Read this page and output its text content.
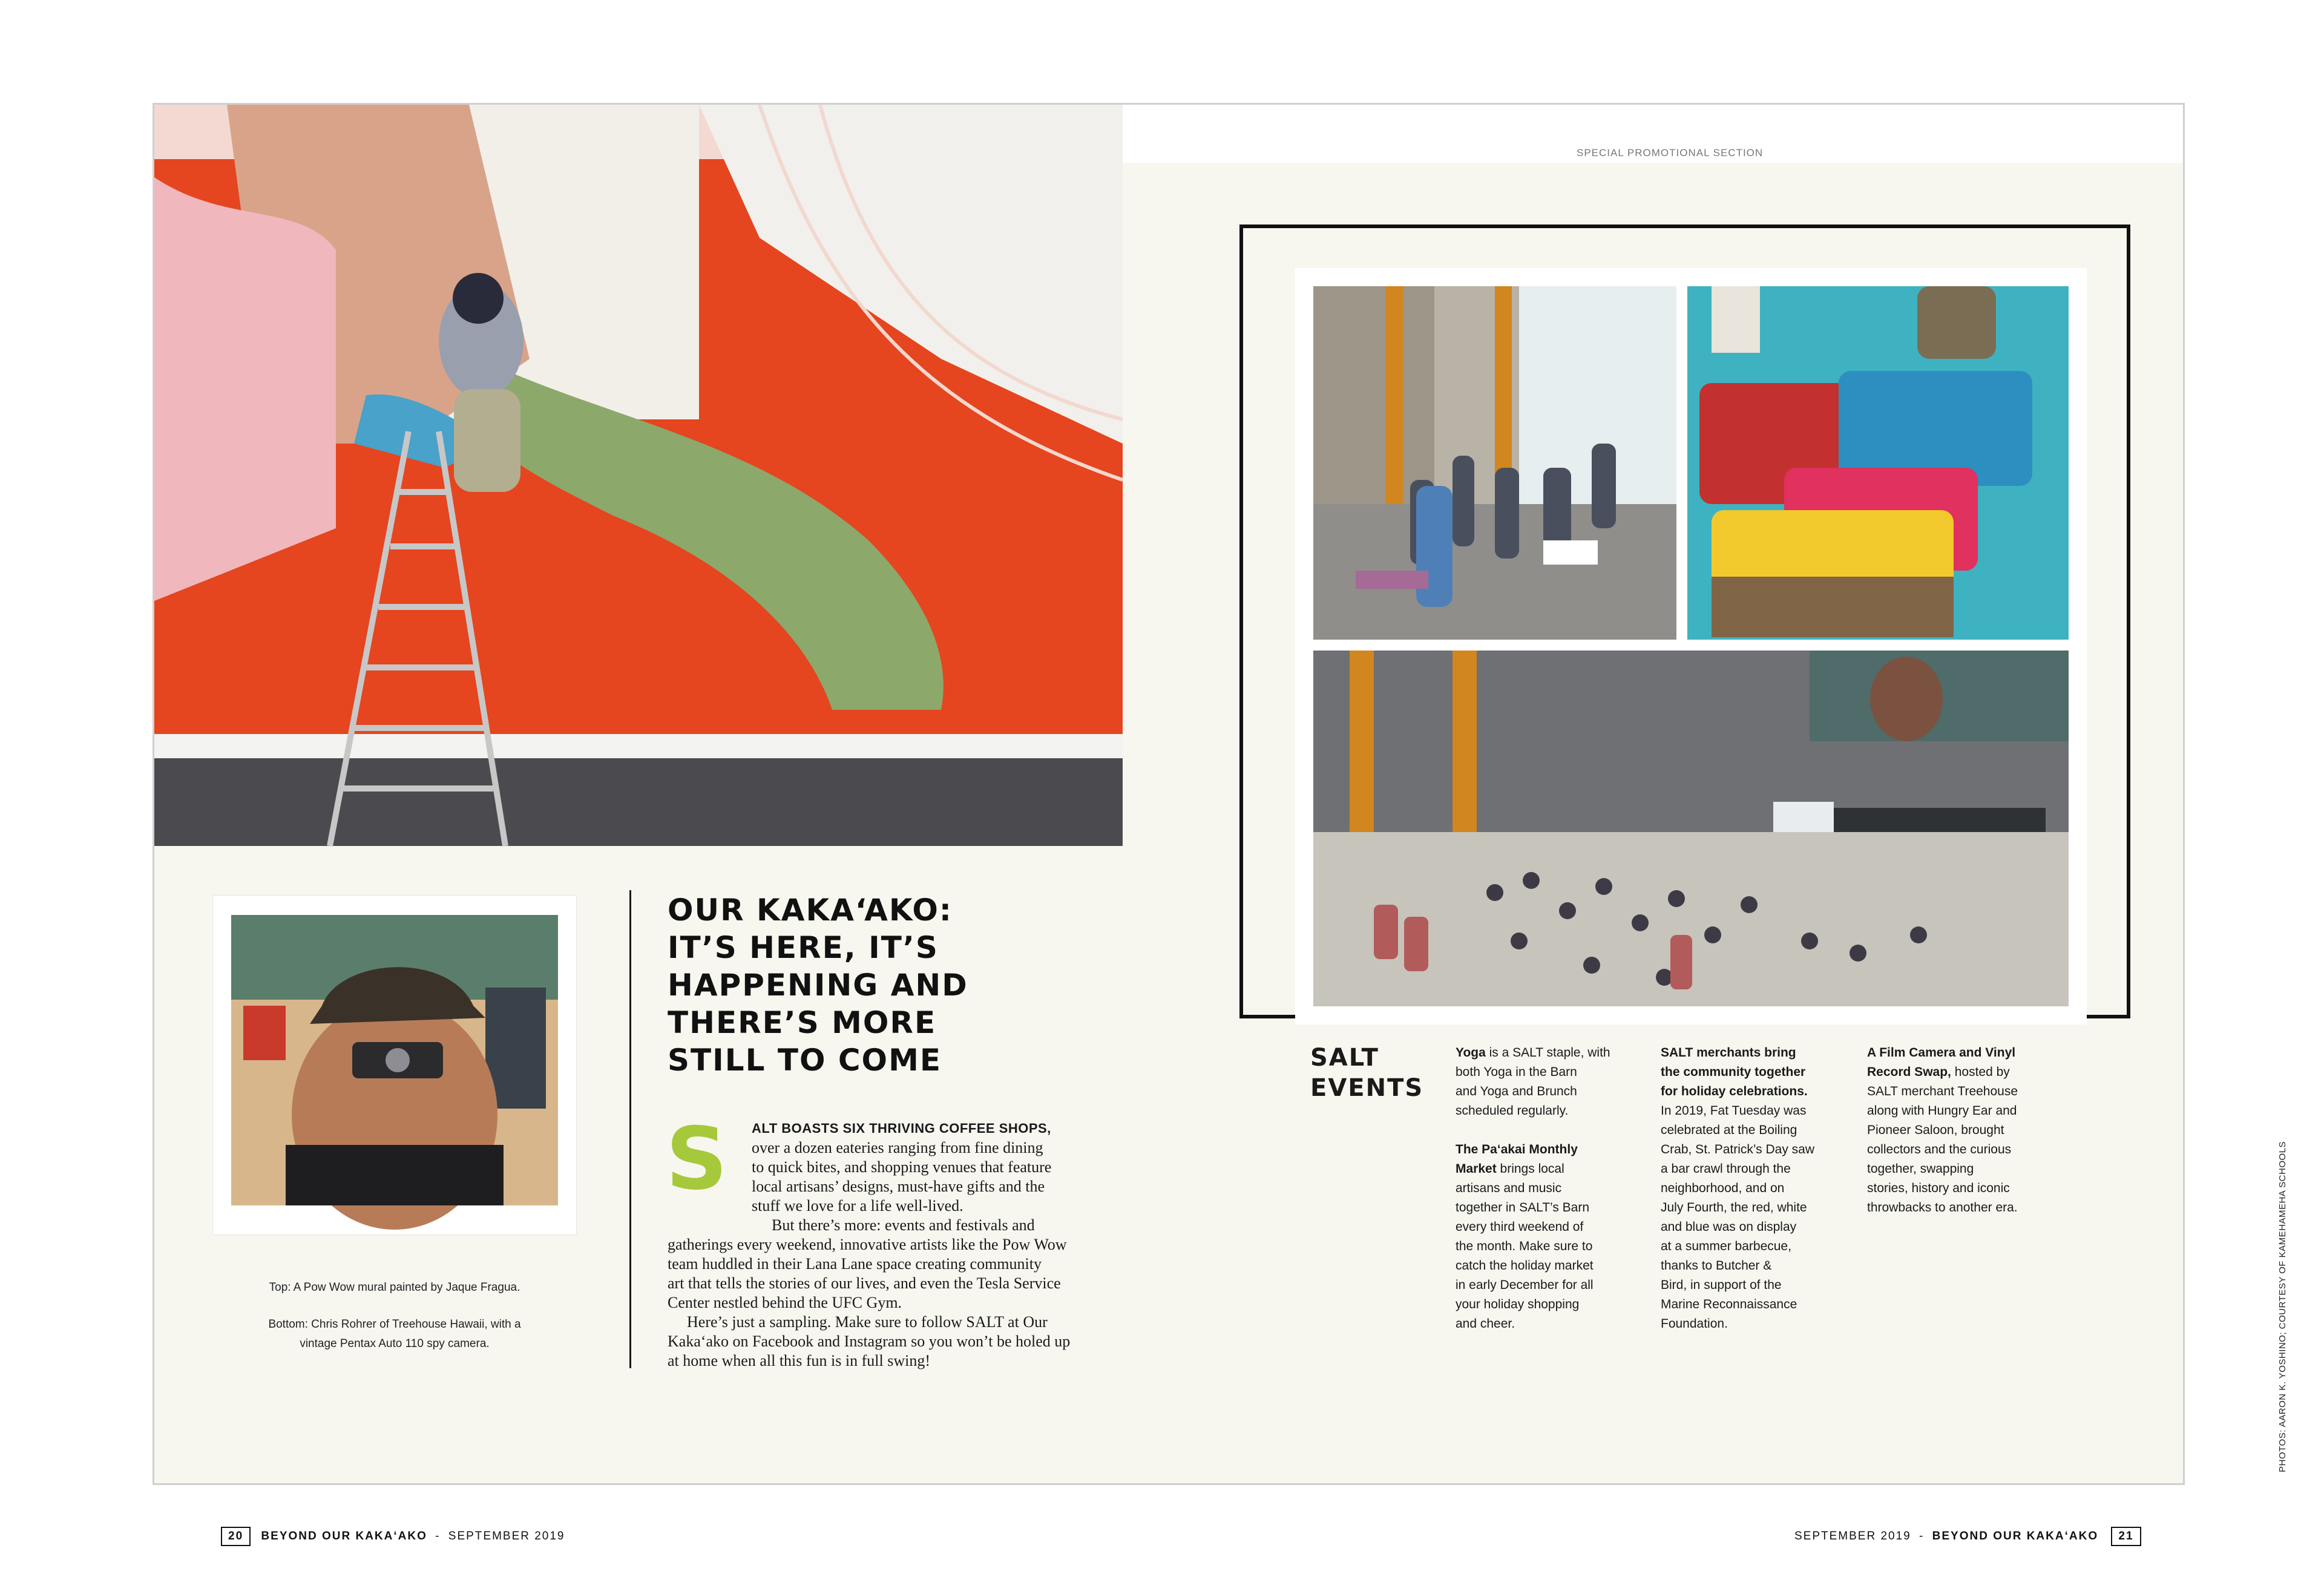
Top: A Pow Wow mural painted by Jaque Fragua.
Bottom: Chris Rohrer of Treehouse Hawaii, with a
vintage Pentax Auto 110 spy camera.
OUR KAKA‘AKO:
IT’S HERE, IT’S
HAPPENING AND
THERE’S MORE
STILL TO COME
S	ALT BOASTS SIX THRIVING COFFEE SHOPS,
over a dozen eateries ranging from fine dining
to quick bites, and shopping venues that feature
local artisans’ designs, must-have gifts and the
stuff we love for a life well-lived.
But there’s more: events and festivals and
gatherings every weekend, innovative artists like the Pow Wow
team huddled in their Lana Lane space creating community
art that tells the stories of our lives, and even the Tesla Service
Center nestled behind the UFC Gym.
Here’s just a sampling. Make sure to follow SALT at Our
Kaka‘ako on Facebook and Instagram so you won’t be holed up
at home when all this fun is in full swing!
SPECIAL PROMOTIONAL SECTION
SALT
EVENTS
Yoga is a SALT staple, with
both Yoga in the Barn
and Yoga and Brunch
scheduled regularly.
The Pa‘akai Monthly
Market brings local
artisans and music
together in SALT’s Barn
every third weekend of
the month. Make sure to
catch the holiday market
in early December for all
your holiday shopping
and cheer.
SALT merchants bring
the community together
for holiday celebrations.
In 2019, Fat Tuesday was
celebrated at the Boiling
Crab, St. Patrick’s Day saw
a bar crawl through the
neighborhood, and on
July Fourth, the red, white
and blue was on display
at a summer barbecue,
thanks to Butcher &
Bird, in support of the
Marine Reconnaissance
Foundation.
A Film Camera and Vinyl
Record Swap, hosted by
SALT merchant Treehouse
along with Hungry Ear and
Pioneer Saloon, brought
collectors and the curious
together, swapping
stories, history and iconic
throwbacks to another era.	PHOTOS: AARON K. YOSHINO; COURTESY OF KAMEHAMEHA SCHOOLS
20 BEYOND OUR KAKA‘AKO - SEPTEMBER 2019	SEPTEMBER 2019 - BEYOND OUR KAKA‘AKO 21
